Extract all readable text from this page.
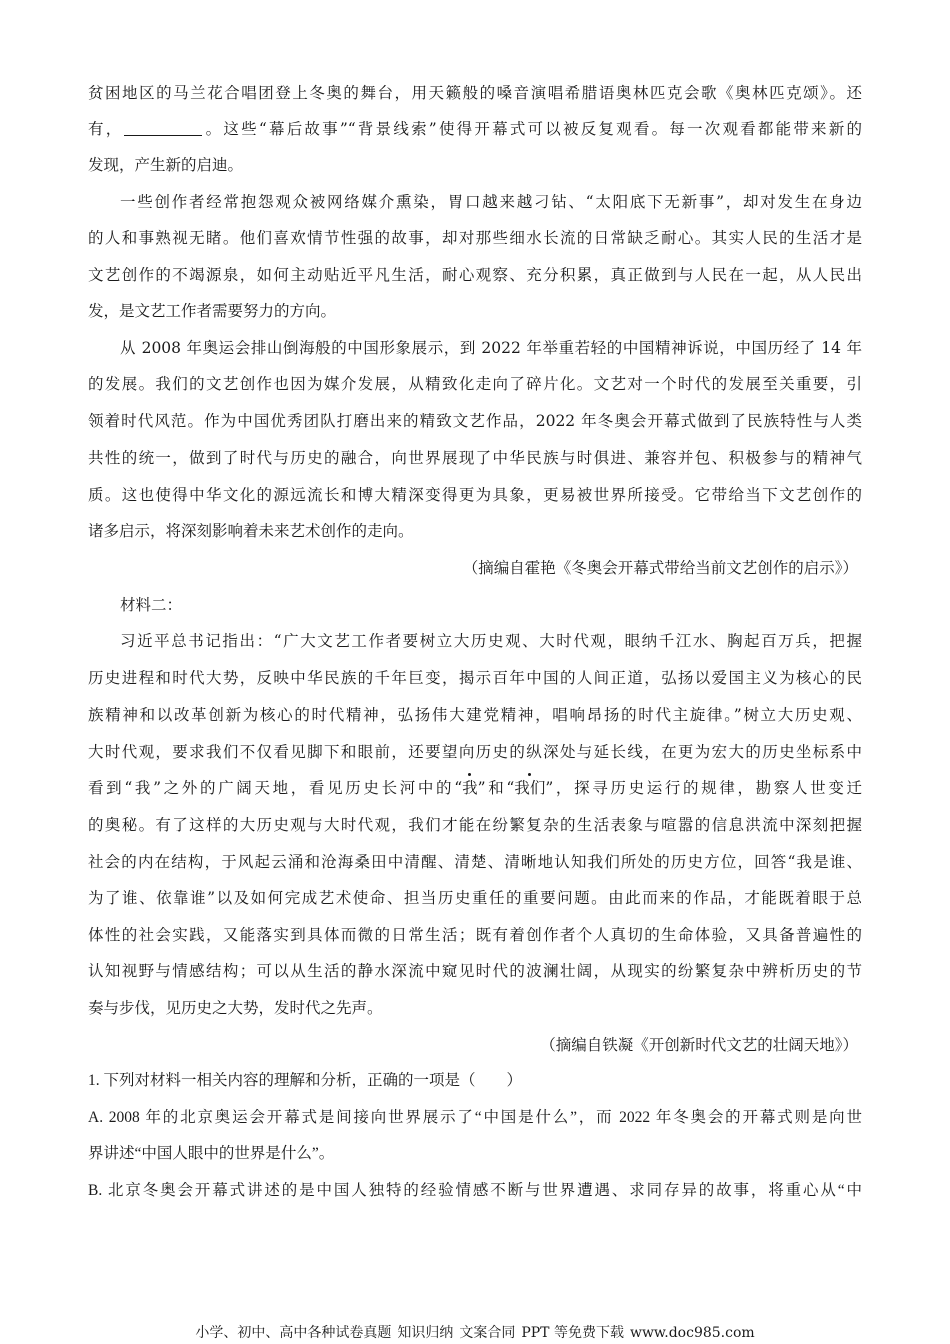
贫困地区的马兰花合唱团登上冬奥的舞台，用天籁般的嗓音演唱希腊语奥林匹克会歌《奥林匹克颂》。还
有，	。这些“幕后故事”“背景线索”使得开幕式可以被反复观看。每一次观看都能带来新的
发现，产生新的启迪。
一些创作者经常抱怨观众被网络媒介熏染，胃口越来越刁钻、“太阳底下无新事”，却对发生在身边
的人和事熟视无睹。他们喜欢情节性强的故事，却对那些细水长流的日常缺乏耐心。其实人民的生活才是
文艺创作的不竭源泉，如何主动贴近平凡生活，耐心观察、充分积累，真正做到与人民在一起，从人民出
发，是文艺工作者需要努力的方向。
从 2008 年奥运会排山倒海般的中国形象展示，到 2022 年举重若轻的中国精神诉说，中国历经了 14 年
的发展。我们的文艺创作也因为媒介发展，从精致化走向了碎片化。文艺对一个时代的发展至关重要，引
领着时代风范。作为中国优秀团队打磨出来的精致文艺作品，2022 年冬奥会开幕式做到了民族特性与人类
共性的统一，做到了时代与历史的融合，向世界展现了中华民族与时俱进、兼容并包、积极参与的精神气
质。这也使得中华文化的源远流长和博大精深变得更为具象，更易被世界所接受。它带给当下文艺创作的
诸多启示，将深刻影响着未来艺术创作的走向。
（摘编自霍艳《冬奥会开幕式带给当前文艺创作的启示》）
材料二：
习近平总书记指出：“广大文艺工作者要树立大历史观、大时代观，眼纳千江水、胸起百万兵，把握
历史进程和时代大势，反映中华民族的千年巨变，揭示百年中国的人间正道，弘扬以爱国主义为核心的民
族精神和以改革创新为核心的时代精神，弘扬伟大建党精神，唱响昂扬的时代主旋律。”树立大历史观、
大时代观，要求我们不仅看见脚下和眼前，还要望向历史的纵深处与延长线，在更为宏大的历史坐标系中
看到“我”之外的广阔天地，看见历史长河中的“我”和“我们”，探寻历史运行的规律，勘察人世变迁
的奥秘。有了这样的大历史观与大时代观，我们才能在纷繁复杂的生活表象与喧嚣的信息洪流中深刻把握
社会的内在结构，于风起云涌和沧海桑田中清醒、清楚、清晰地认知我们所处的历史方位，回答“我是谁、
为了谁、依靠谁”以及如何完成艺术使命、担当历史重任的重要问题。由此而来的作品，才能既着眼于总
体性的社会实践，又能落实到具体而微的日常生活；既有着创作者个人真切的生命体验，又具备普遍性的
认知视野与情感结构；可以从生活的静水深流中窥见时代的波澜壮阔，从现实的纷繁复杂中辨析历史的节
奏与步伐，见历史之大势，发时代之先声。
（摘编自铁凝《开创新时代文艺的壮阔天地》）
1. 下列对材料一相关内容的理解和分析，正确的一项是（　　）
A. 2008 年的北京奥运会开幕式是间接向世界展示了“中国是什么”，而 2022 年冬奥会的开幕式则是向世
界讲述“中国人眼中的世界是什么”。
B. 北京冬奥会开幕式讲述的是中国人独特的经验情感不断与世界遭遇、求同存异的故事，将重心从“中
小学、初中、高中各种试卷真题 知识归纳 文案合同 PPT 等免费下载 www.doc985.com
